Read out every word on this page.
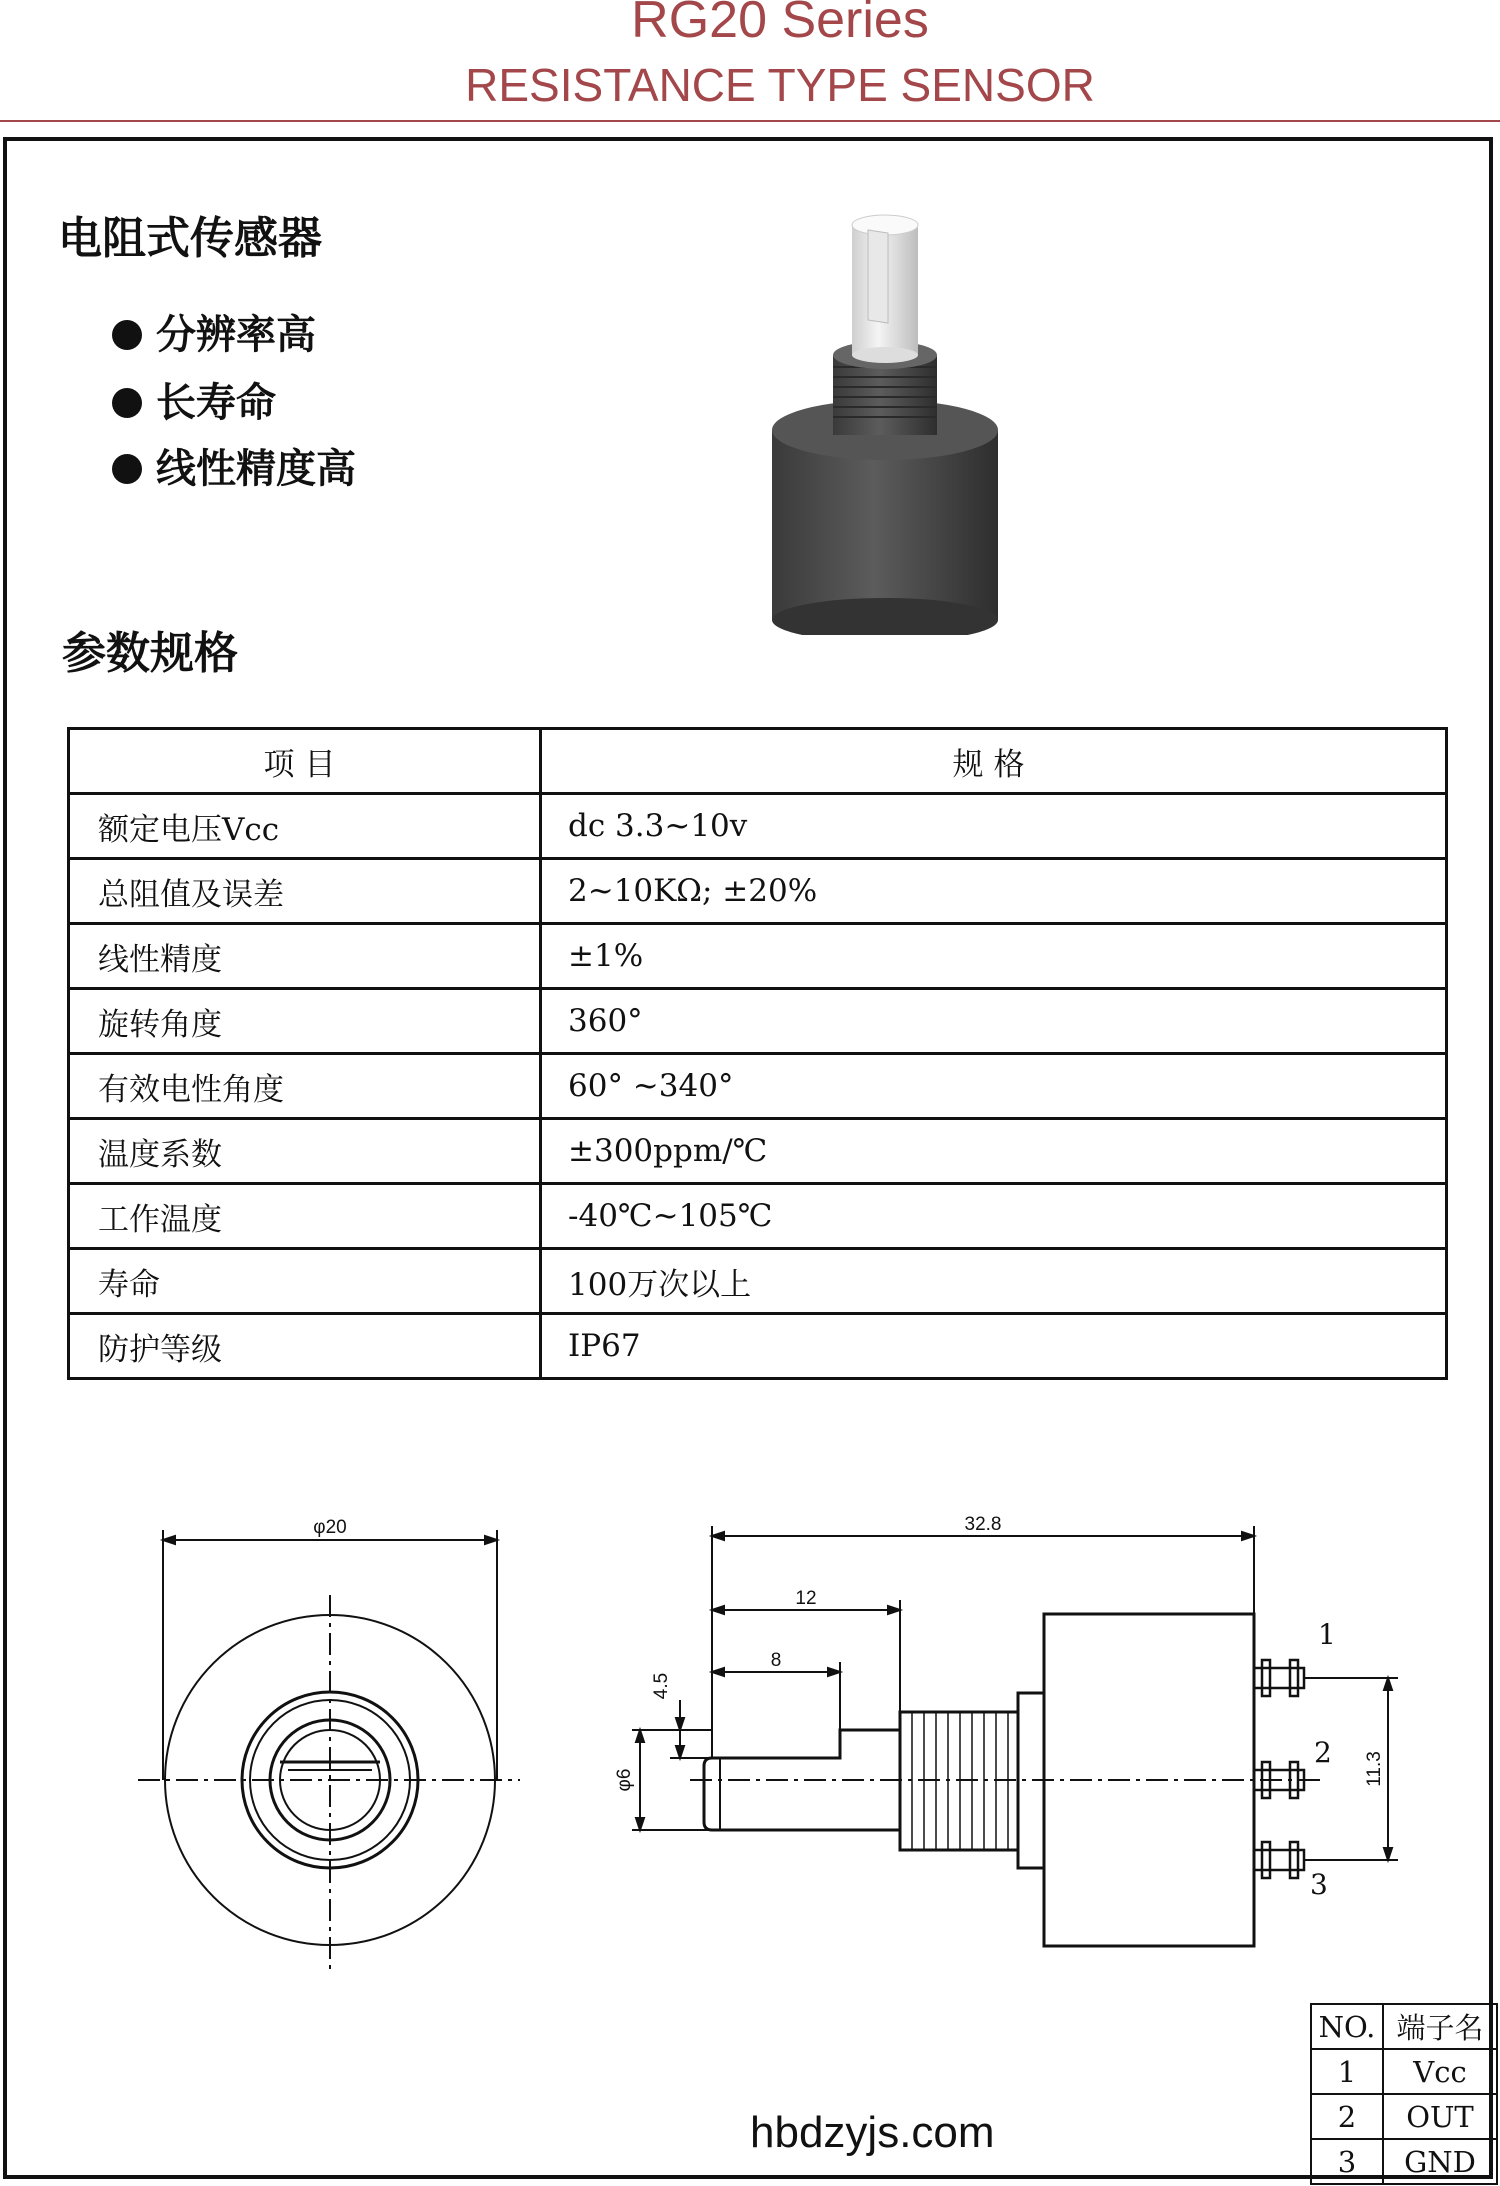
RG20 Series
RESISTANCE TYPE SENSOR
电阻式传感器
分辨率高
长寿命
线性精度高
参数规格
项目	规格
额定电压Vcc	dc 3.3~10v
总阻值及误差	2~10KΩ; ±20%
线性精度	±1%
旋转角度	360°
有效电性角度	60° ~340°
温度系数	±300ppm/℃
工作温度	-40℃~105℃
寿命	100万次以上
防护等级	IP67
φ20	32.8
12
8
4.5
φ6	11.3
1
2
3
NO.	端子名
1	Vcc
2	OUT
3	GND
hbdzyjs.com
